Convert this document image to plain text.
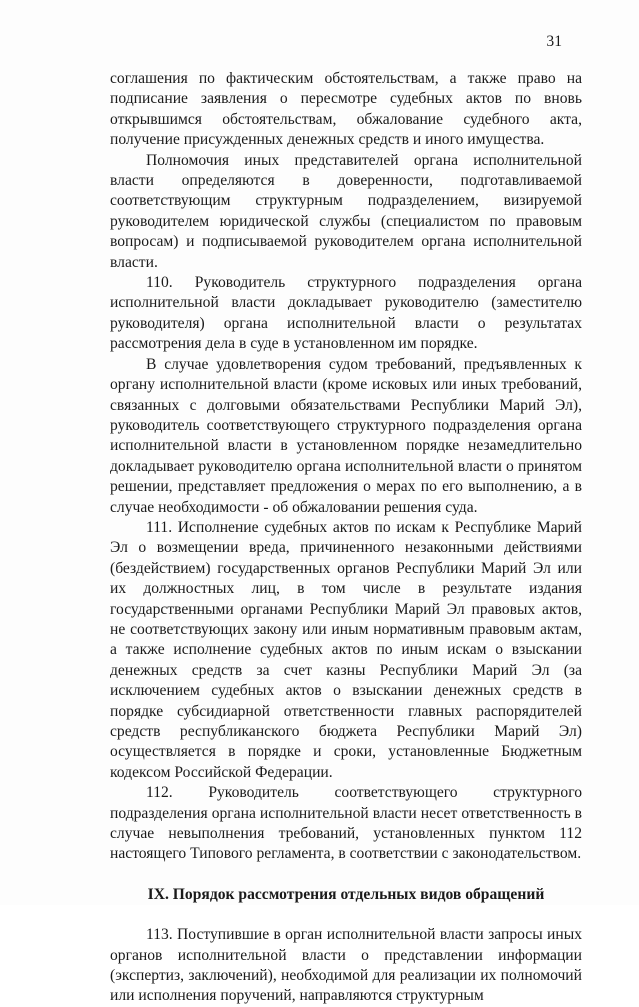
31

соглашения по фактическим обстоятельствам, а также право на подписание заявления о пересмотре судебных актов по вновь открывшимся обстоятельствам, обжалование судебного акта, получение присужденных денежных средств и иного имущества.

Полномочия иных представителей органа исполнительной власти определяются в доверенности, подготавливаемой соответствующим структурным подразделением, визируемой руководителем юридической службы (специалистом по правовым вопросам) и подписываемой руководителем органа исполнительной власти.

110. Руководитель структурного подразделения органа исполнительной власти докладывает руководителю (заместителю руководителя) органа исполнительной власти о результатах рассмотрения дела в суде в установленном им порядке.

В случае удовлетворения судом требований, предъявленных к органу исполнительной власти (кроме исковых или иных требований, связанных с долговыми обязательствами Республики Марий Эл), руководитель соответствующего структурного подразделения органа исполнительной власти в установленном порядке незамедлительно докладывает руководителю органа исполнительной власти о принятом решении, представляет предложения о мерах по его выполнению, а в случае необходимости - об обжаловании решения суда.

111. Исполнение судебных актов по искам к Республике Марий Эл о возмещении вреда, причиненного незаконными действиями (бездействием) государственных органов Республики Марий Эл или их должностных лиц, в том числе в результате издания государственными органами Республики Марий Эл правовых актов, не соответствующих закону или иным нормативным правовым актам, а также исполнение судебных актов по иным искам о взыскании денежных средств за счет казны Республики Марий Эл (за исключением судебных актов о взыскании денежных средств в порядке субсидиарной ответственности главных распорядителей средств республиканского бюджета Республики Марий Эл) осуществляется в порядке и сроки, установленные Бюджетным кодексом Российской Федерации.

112. Руководитель соответствующего структурного подразделения органа исполнительной власти несет ответственность в случае невыполнения требований, установленных пунктом 112 настоящего Типового регламента, в соответствии с законодательством.

IX. Порядок рассмотрения отдельных видов обращений

113. Поступившие в орган исполнительной власти запросы иных органов исполнительной власти о представлении информации (экспертиз, заключений), необходимой для реализации их полномочий или исполнения поручений, направляются структурным
